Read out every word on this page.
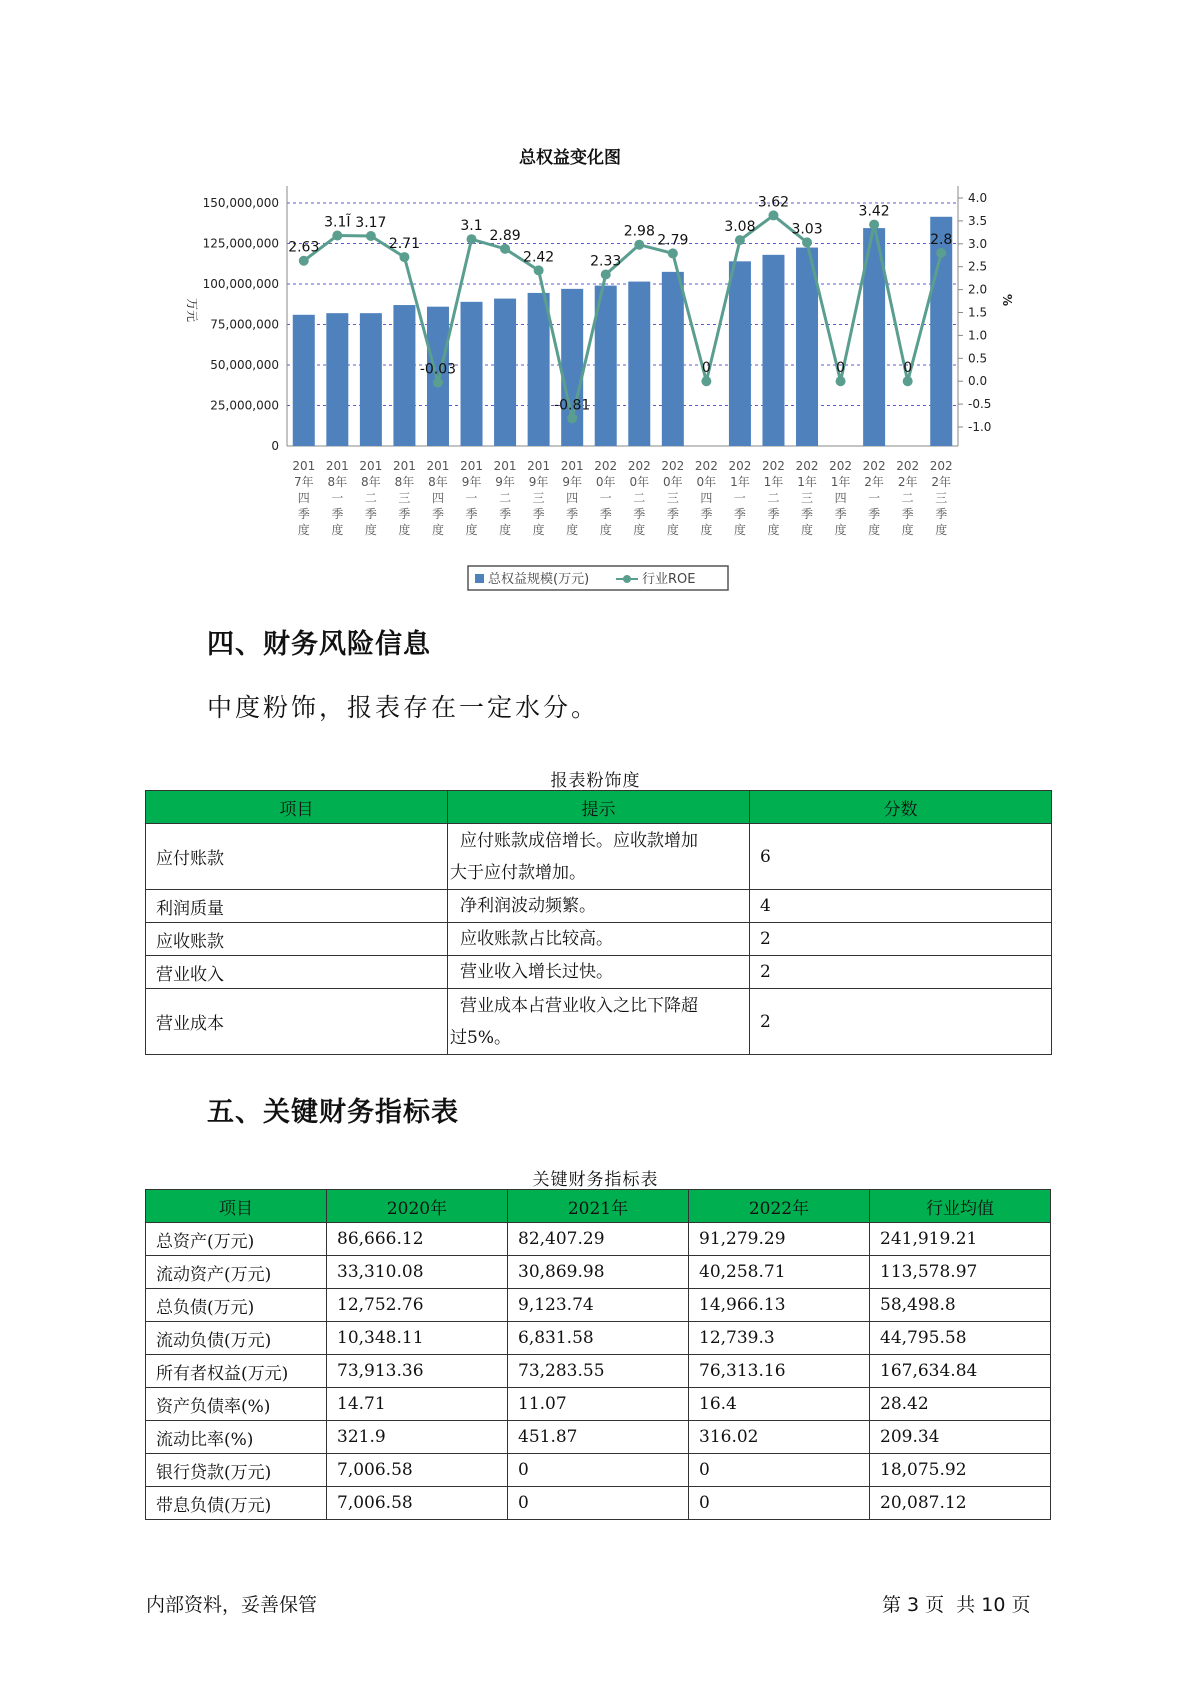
总权益变化图
150,000,000
125,000,000
100,000,000
75,000,000
50,000,000
25,000,000
0
4.0
3.5
3.0
2.5
2.0
1.5
1.0
0.5
0.0
-0.5
-1.0
万元	%
2.63
3.1Ĩ 3.17
2.71
-0.03
3.1
2.89
2.42
-0.81
2.33
2.98
2.79
0
3.08
3.62
3.03
0
3.42
0
2.8
201
7年
四
季
度
201
8年
一
季
度
201
8年
二
季
度
201
8年
三
季
度
201
8年
四
季
度
201
9年
一
季
度
201
9年
二
季
度
201
9年
三
季
度
201
9年
四
季
度
202
0年
一
季
度
202
0年
二
季
度
202
0年
三
季
度
202
0年
四
季
度
202
1年
一
季
度
202
1年
二
季
度
202
1年
三
季
度
202
1年
四
季
度
202
2年
一
季
度
202
2年
二
季
度
202
2年
三
季
度
总权益规模(万元)	行业ROE
四、财务风险信息
中度粉饰，报表存在一定水分。
报表粉饰度
项目	提示	分数
应付账款	应付账款成倍增长。应收款增加
大于应付款增加。	6
利润质量	净利润波动频繁。	4
应收账款	应收账款占比较高。	2
营业收入	营业收入增长过快。	2
营业成本	营业成本占营业收入之比下降超
过5%。	2
五、关键财务指标表
关键财务指标表
项目	2020年	2021年	2022年	行业均值
总资产(万元)	86,666.12	82,407.29	91,279.29	241,919.21
流动资产(万元)	33,310.08	30,869.98	40,258.71	113,578.97
总负债(万元)	12,752.76	9,123.74	14,966.13	58,498.8
流动负债(万元)	10,348.11	6,831.58	12,739.3	44,795.58
所有者权益(万元)	73,913.36	73,283.55	76,313.16	167,634.84
资产负债率(%)	14.71	11.07	16.4	28.42
流动比率(%)	321.9	451.87	316.02	209.34
银行贷款(万元)	7,006.58	0	0	18,075.92
带息负债(万元)	7,006.58	0	0	20,087.12
内部资料，妥善保管	第 3 页  共 10 页
